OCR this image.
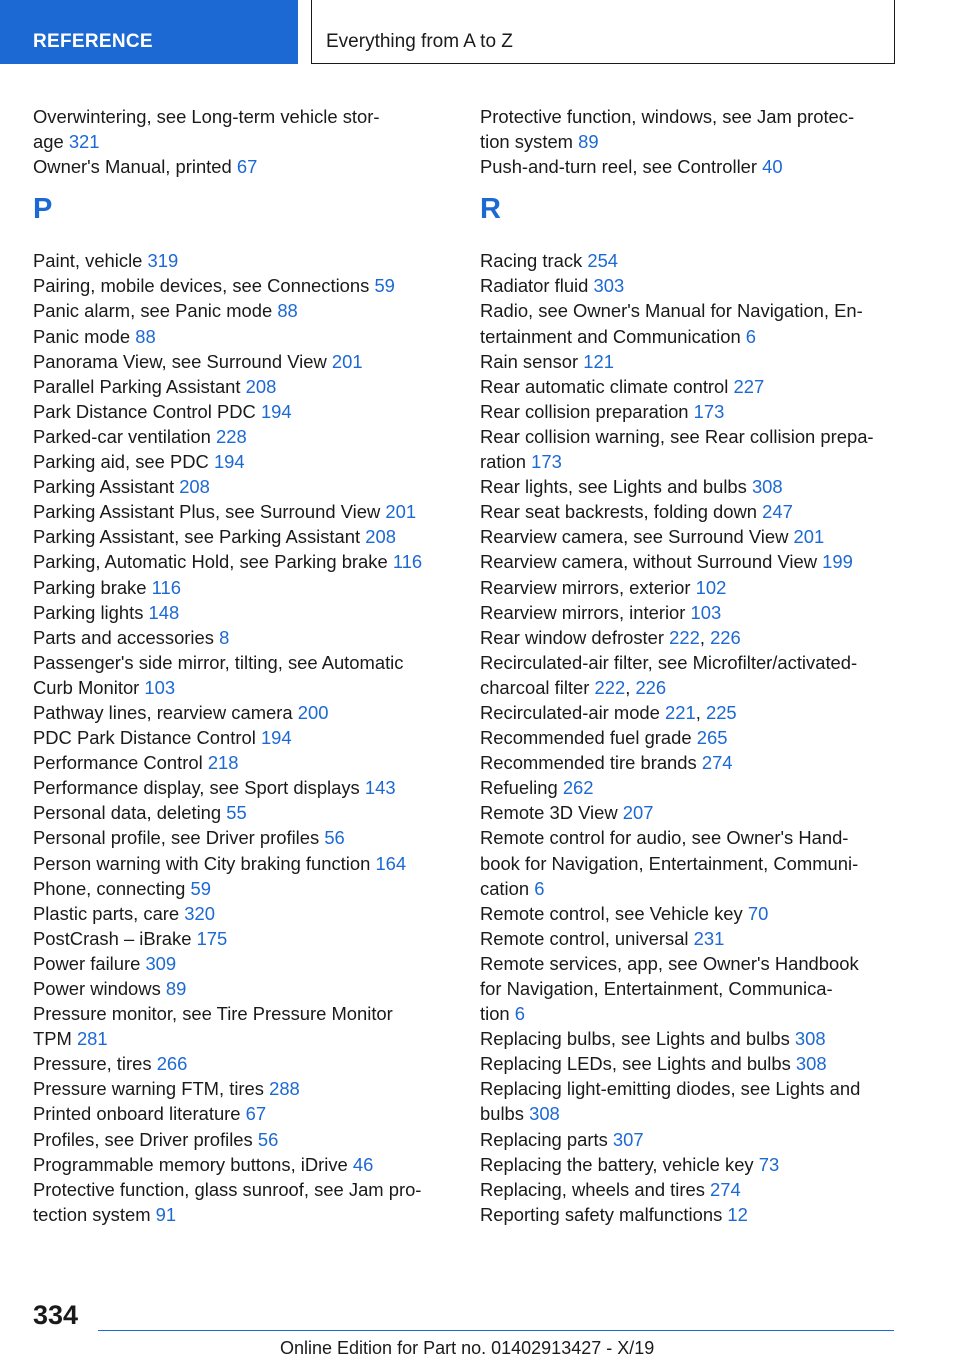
REFERENCE	Everything from A to Z
Overwintering, see Long-term vehicle stor-
age 321
Owner's Manual, printed 67
P
Paint, vehicle 319
Pairing, mobile devices, see Connections 59
Panic alarm, see Panic mode 88
Panic mode 88
Panorama View, see Surround View 201
Parallel Parking Assistant 208
Park Distance Control PDC 194
Parked-car ventilation 228
Parking aid, see PDC 194
Parking Assistant 208
Parking Assistant Plus, see Surround View 201
Parking Assistant, see Parking Assistant 208
Parking, Automatic Hold, see Parking brake 116
Parking brake 116
Parking lights 148
Parts and accessories 8
Passenger's side mirror, tilting, see Automatic
Curb Monitor 103
Pathway lines, rearview camera 200
PDC Park Distance Control 194
Performance Control 218
Performance display, see Sport displays 143
Personal data, deleting 55
Personal profile, see Driver profiles 56
Person warning with City braking function 164
Phone, connecting 59
Plastic parts, care 320
PostCrash – iBrake 175
Power failure 309
Power windows 89
Pressure monitor, see Tire Pressure Monitor
TPM 281
Pressure, tires 266
Pressure warning FTM, tires 288
Printed onboard literature 67
Profiles, see Driver profiles 56
Programmable memory buttons, iDrive 46
Protective function, glass sunroof, see Jam pro-
tection system 91
Protective function, windows, see Jam protec-
tion system 89
Push-and-turn reel, see Controller 40
R
Racing track 254
Radiator fluid 303
Radio, see Owner's Manual for Navigation, En-
tertainment and Communication 6
Rain sensor 121
Rear automatic climate control 227
Rear collision preparation 173
Rear collision warning, see Rear collision prepa-
ration 173
Rear lights, see Lights and bulbs 308
Rear seat backrests, folding down 247
Rearview camera, see Surround View 201
Rearview camera, without Surround View 199
Rearview mirrors, exterior 102
Rearview mirrors, interior 103
Rear window defroster 222, 226
Recirculated-air filter, see Microfilter/activated-
charcoal filter 222, 226
Recirculated-air mode 221, 225
Recommended fuel grade 265
Recommended tire brands 274
Refueling 262
Remote 3D View 207
Remote control for audio, see Owner's Hand-
book for Navigation, Entertainment, Communi-
cation 6
Remote control, see Vehicle key 70
Remote control, universal 231
Remote services, app, see Owner's Handbook
for Navigation, Entertainment, Communica-
tion 6
Replacing bulbs, see Lights and bulbs 308
Replacing LEDs, see Lights and bulbs 308
Replacing light-emitting diodes, see Lights and
bulbs 308
Replacing parts 307
Replacing the battery, vehicle key 73
Replacing, wheels and tires 274
Reporting safety malfunctions 12
334
Online Edition for Part no. 01402913427 - X/19
